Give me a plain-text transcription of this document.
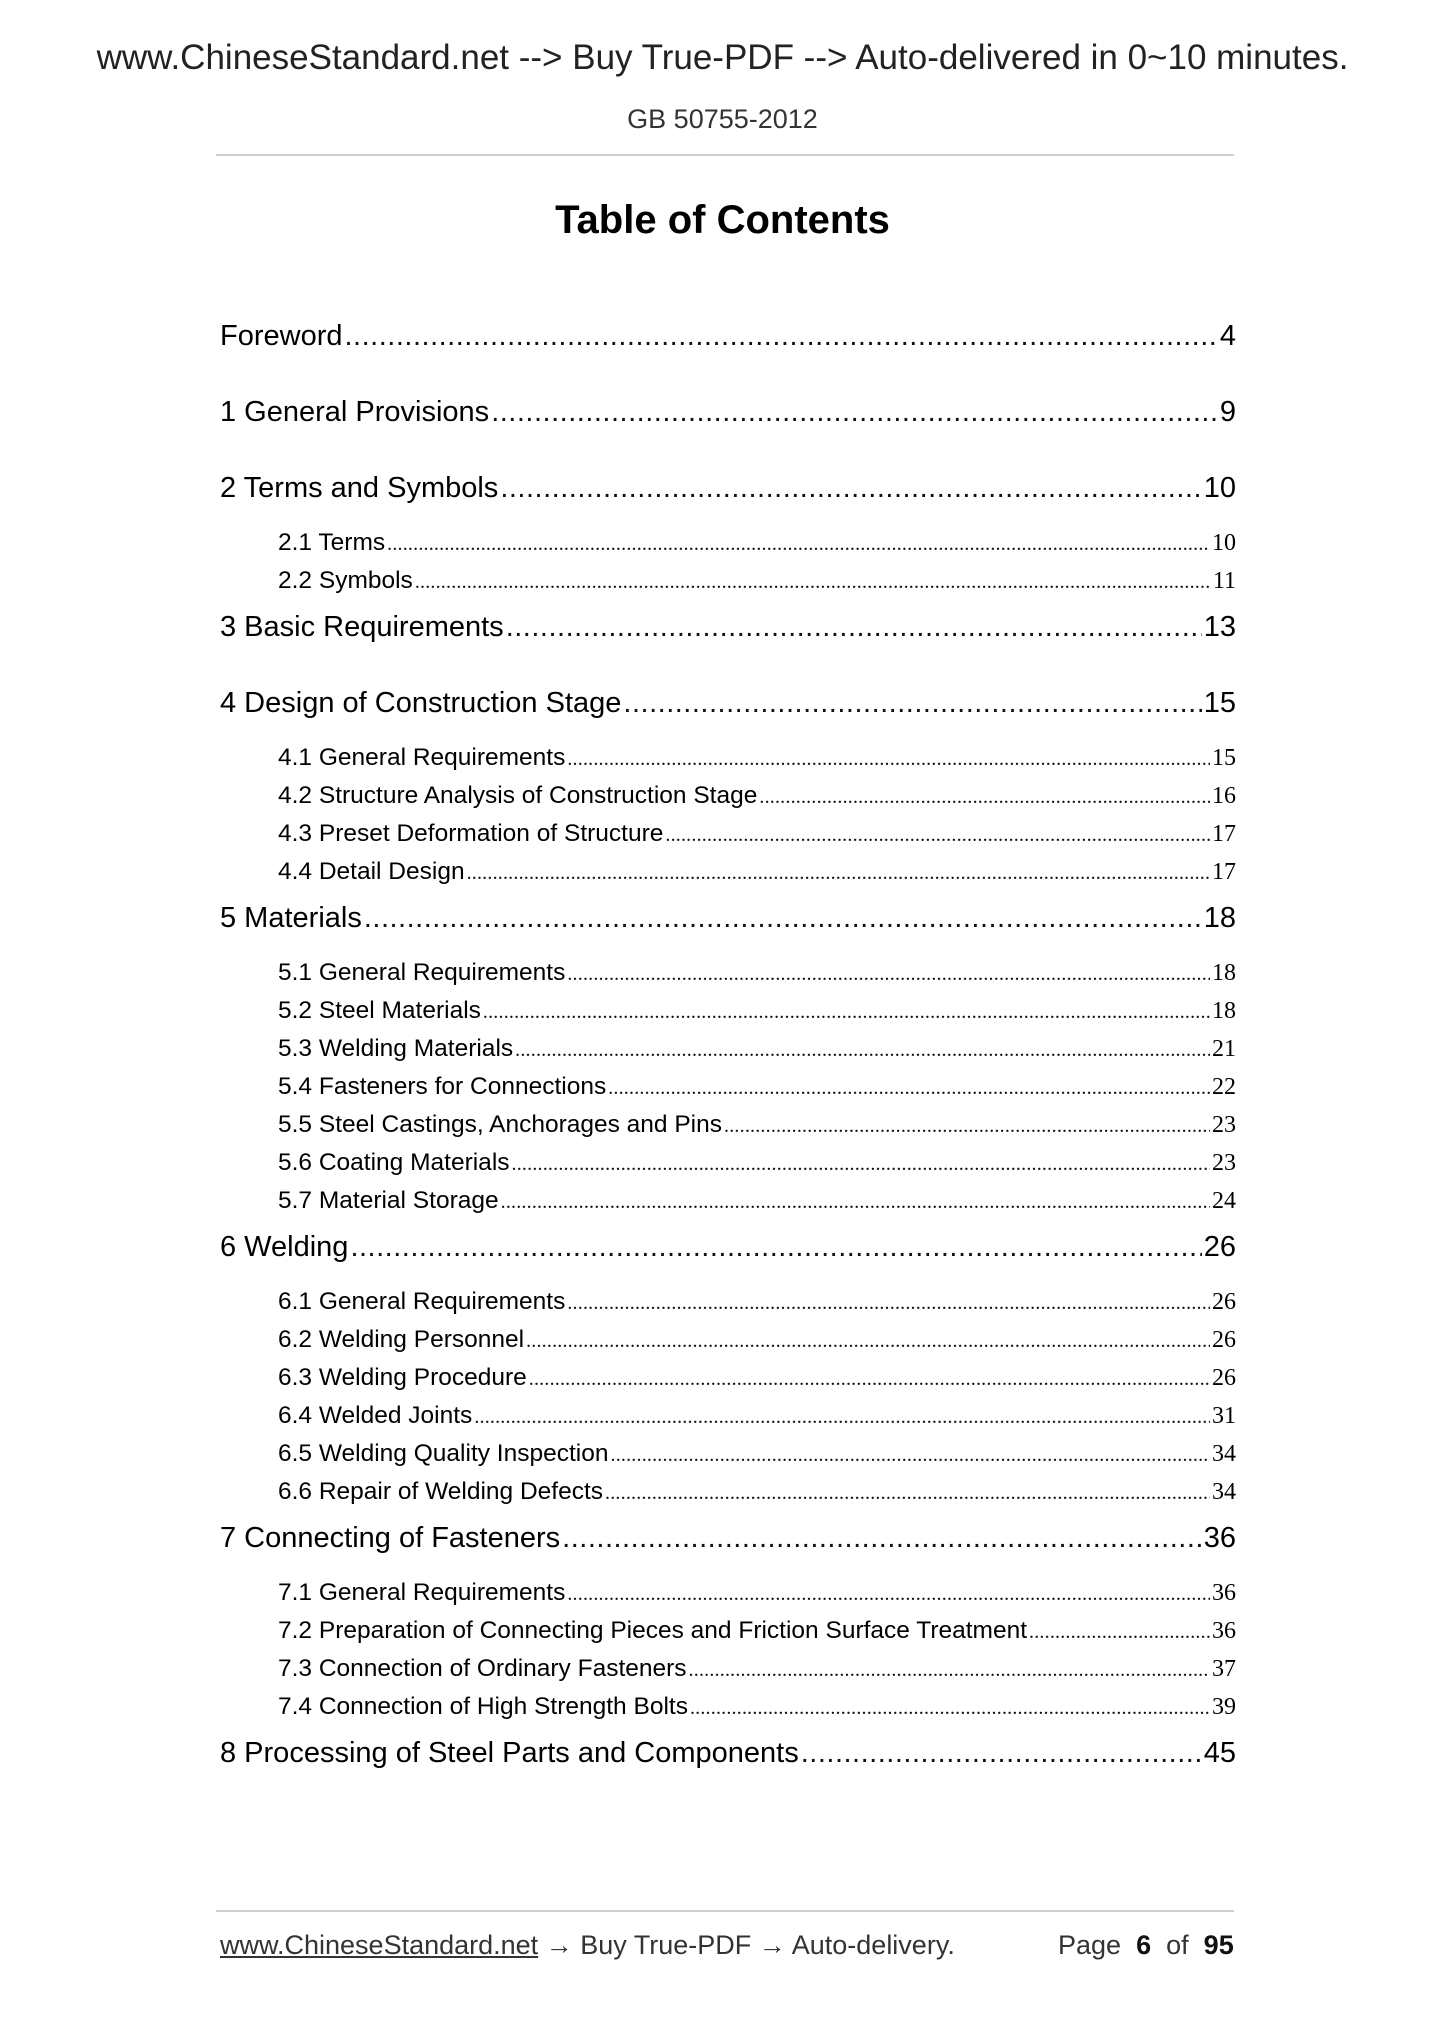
www.ChineseStandard.net --> Buy True-PDF --> Auto-delivered in 0~10 minutes.
GB 50755-2012
Table of Contents
Foreword .....	4
1 General Provisions .....	9
2 Terms and Symbols .....	10
2.1 Terms .....	10
2.2 Symbols .....	11
3 Basic Requirements .....	13
4 Design of Construction Stage .....	15
4.1 General Requirements .....	15
4.2 Structure Analysis of Construction Stage .....	16
4.3 Preset Deformation of Structure .....	17
4.4 Detail Design .....	17
5 Materials .....	18
5.1 General Requirements .....	18
5.2 Steel Materials .....	18
5.3 Welding Materials .....	21
5.4 Fasteners for Connections .....	22
5.5 Steel Castings, Anchorages and Pins .....	23
5.6 Coating Materials .....	23
5.7 Material Storage .....	24
6 Welding .....	26
6.1 General Requirements .....	26
6.2 Welding Personnel .....	26
6.3 Welding Procedure .....	26
6.4 Welded Joints .....	31
6.5 Welding Quality Inspection .....	34
6.6 Repair of Welding Defects .....	34
7 Connecting of Fasteners .....	36
7.1 General Requirements .....	36
7.2 Preparation of Connecting Pieces and Friction Surface Treatment .....	36
7.3 Connection of Ordinary Fasteners .....	37
7.4 Connection of High Strength Bolts .....	39
8 Processing of Steel Parts and Components .....	45
www.ChineseStandard.net → Buy True-PDF → Auto-delivery.	Page 6 of 95
